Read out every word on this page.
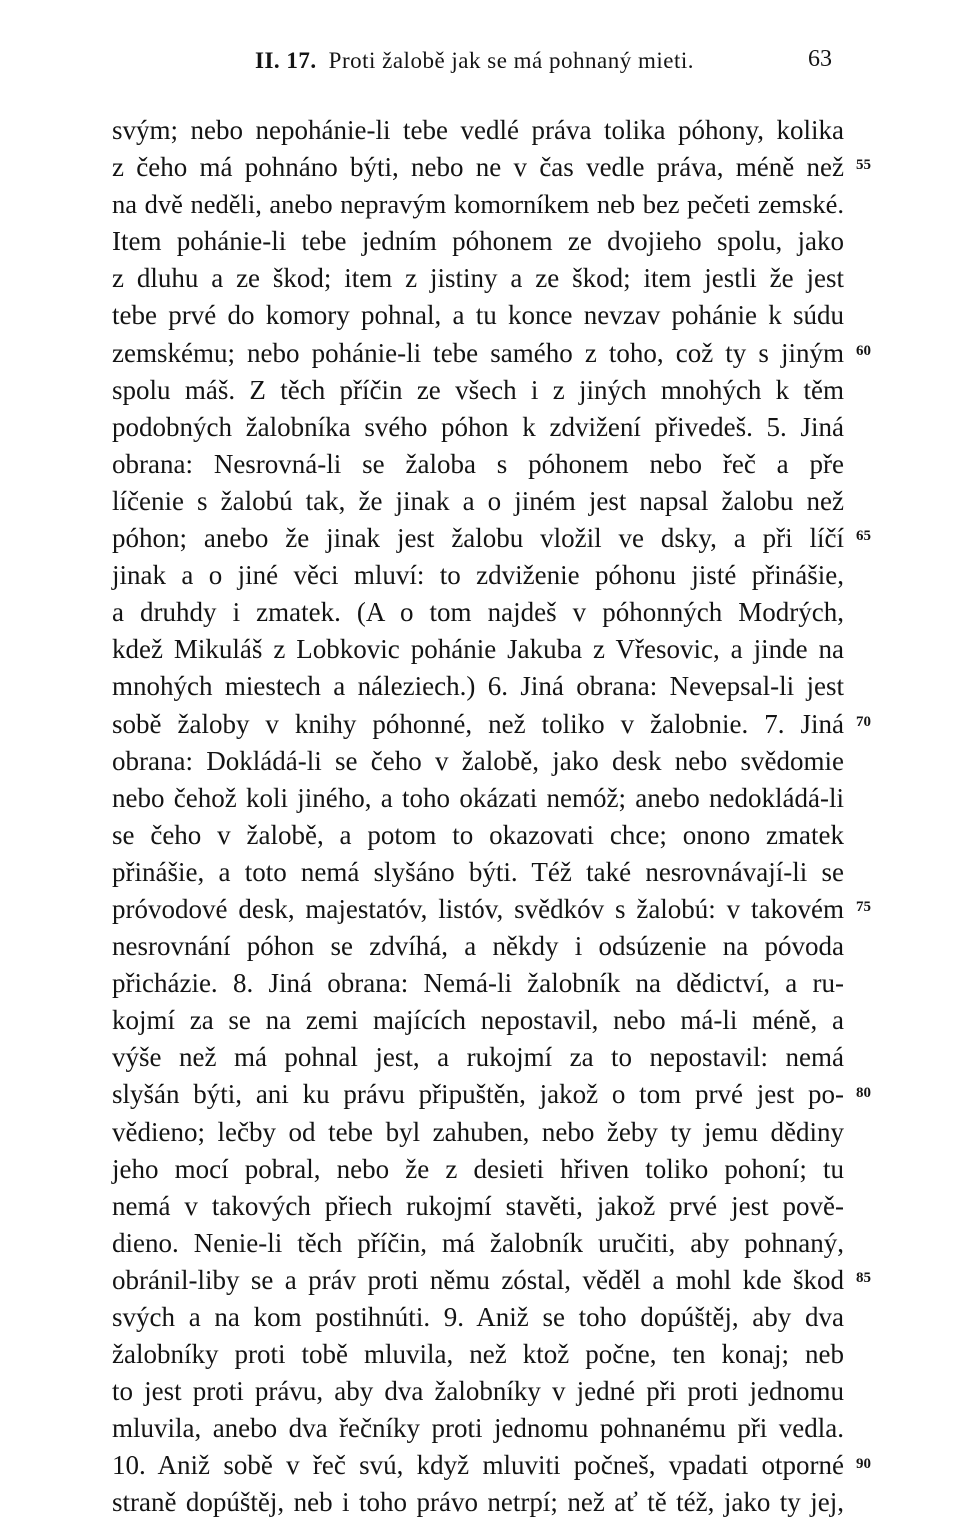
II. 17. Proti žalobě jak se má pohnaný mieti.	63
svým; nebo nepohánie-li tebe vedlé práva tolika póhony, kolika
z čeho má pohnáno býti, nebo ne v čas vedle práva, méně než
na dvě neděli, anebo nepravým komorníkem neb bez pečeti zemské.
Item pohánie-li tebe jedním póhonem ze dvojieho spolu, jako
z dluhu a ze škod; item z jistiny a ze škod; item jestli že jest
tebe prvé do komory pohnal, a tu konce nevzav pohánie k súdu
zemskému; nebo pohánie-li tebe samého z toho, což ty s jiným
spolu máš. Z těch příčin ze všech i z jiných mnohých k těm
podobných žalobníka svého póhon k zdvižení přivedeš. 5. Jiná
obrana: Nesrovná-li se žaloba s póhonem nebo řeč a pře
líčenie s žalobú tak, že jinak a o jiném jest napsal žalobu než
póhon; anebo že jinak jest žalobu vložil ve dsky, a při líčí
jinak a o jiné věci mluví: to zdviženie póhonu jisté přinášie,
a druhdy i zmatek. (A o tom najdeš v póhonných Modrých,
kdež Mikuláš z Lobkovic pohánie Jakuba z Vřesovic, a jinde na
mnohých miestech a náleziech.) 6. Jiná obrana: Nevepsal-li jest
sobě žaloby v knihy póhonné, než toliko v žalobnie. 7. Jiná
obrana: Dokládá-li se čeho v žalobě, jako desk nebo svědomie
nebo čehož koli jiného, a toho okázati nemóž; anebo nedokládá-li
se čeho v žalobě, a potom to okazovati chce; onono zmatek
přinášie, a toto nemá slyšáno býti. Též také nesrovnávají-li se
próvodové desk, majestatóv, listóv, svědkóv s žalobú: v takovém
nesrovnání póhon se zdvíhá, a někdy i odsúzenie na póvoda
přicházie. 8. Jiná obrana: Nemá-li žalobník na dědictví, a ru-
kojmí za se na zemi majících nepostavil, nebo má-li méně, a
výše než má pohnal jest, a rukojmí za to nepostavil: nemá
slyšán býti, ani ku právu připuštěn, jakož o tom prvé jest po-
vědieno; lečby od tebe byl zahuben, nebo žeby ty jemu dědiny
jeho mocí pobral, nebo že z desieti hřiven toliko pohoní; tu
nemá v takových přiech rukojmí stavěti, jakož prvé jest pově-
dieno. Nenie-li těch příčin, má žalobník uručiti, aby pohnaný,
obránil-liby se a práv proti němu zóstal, věděl a mohl kde škod
svých a na kom postihnúti. 9. Aniž se toho dopúštěj, aby dva
žalobníky proti tobě mluvila, než ktož počne, ten konaj; neb
to jest proti právu, aby dva žalobníky v jedné při proti jednomu
mluvila, anebo dva řečníky proti jednomu pohnanému při vedla.
10. Aniž sobě v řeč svú, když mluviti počneš, vpadati otporné
straně dopúštěj, neb i toho právo netrpí; než ať tě též, jako ty jej,
55
60
65
70
75
80
85
90
